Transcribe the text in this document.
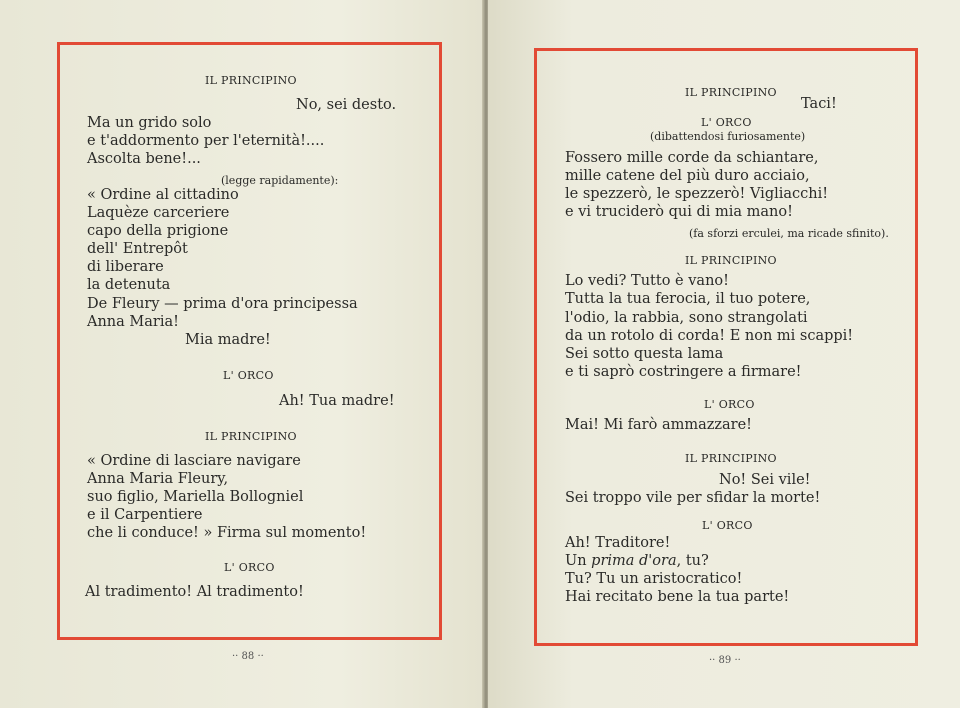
IL PRINCIPINO
No, sei desto.
Ma un grido solo
e t'addormento per l'eternità!....
Ascolta bene!...
(legge rapidamente):
« Ordine al cittadino
Laquèze carceriere
capo della prigione
dell' Entrepôt
di liberare
la detenuta
De Fleury — prima d'ora principessa
Anna Maria!
Mia madre!
L' ORCO
Ah! Tua madre!
IL PRINCIPINO
« Ordine di lasciare navigare
Anna Maria Fleury,
suo figlio, Mariella Bollogniel
e il Carpentiere
che li conduce! » Firma sul momento!
L' ORCO
Al tradimento! Al tradimento!
·· 88 ··
IL PRINCIPINO
Taci!
L' ORCO
(dibattendosi furiosamente)
Fossero mille corde da schiantare,
mille catene del più duro acciaio,
le spezzerò, le spezzerò! Vigliacchi!
e vi truciderò qui di mia mano!
(fa sforzi erculei, ma ricade sfinito).
IL PRINCIPINO
Lo vedi? Tutto è vano!
Tutta la tua ferocia, il tuo potere,
l'odio, la rabbia, sono strangolati
da un rotolo di corda! E non mi scappi!
Sei sotto questa lama
e ti saprò costringere a firmare!
L' ORCO
Mai! Mi farò ammazzare!
IL PRINCIPINO
No! Sei vile!
Sei troppo vile per sfidar la morte!
L' ORCO
Ah! Traditore!
Un prima d'ora, tu?
Tu? Tu un aristocratico!
Hai recitato bene la tua parte!
·· 89 ··
